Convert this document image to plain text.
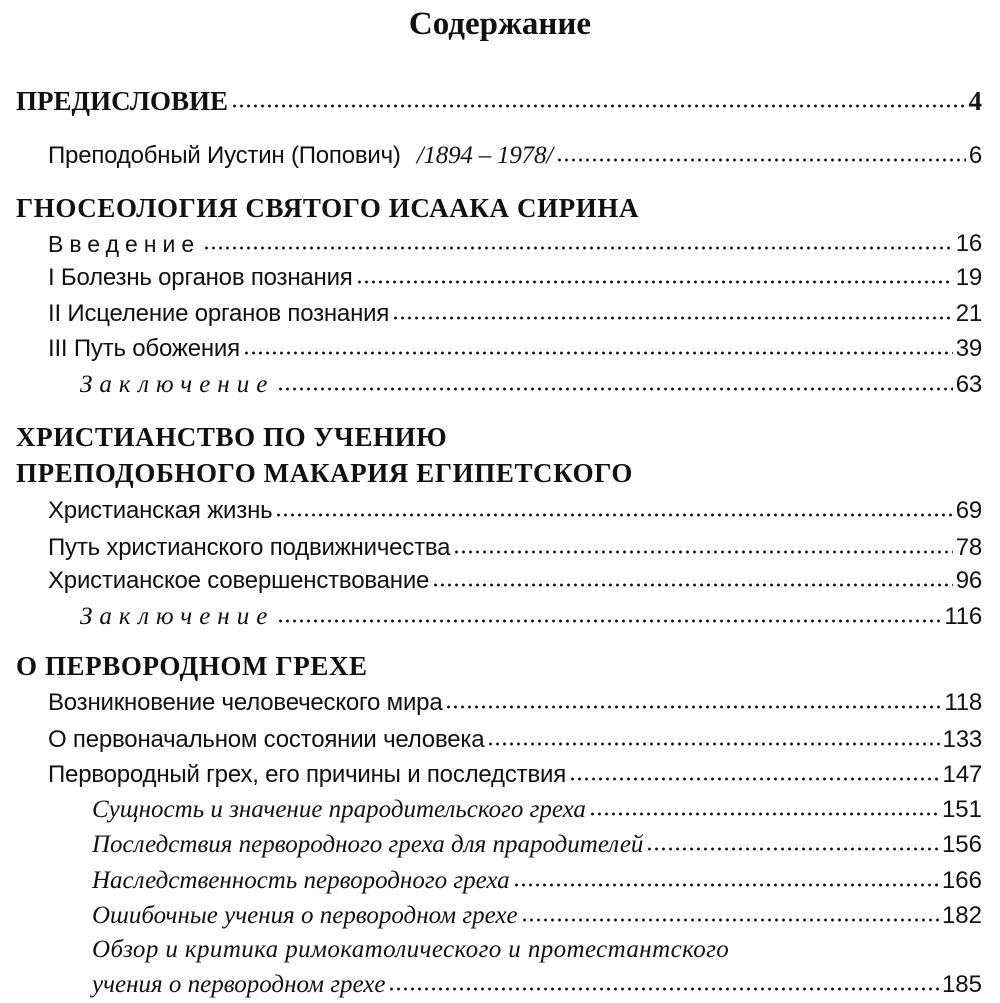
Содержание
ПРЕДИСЛОВИЕ	4
Преподобный Иустин (Попович) /1894 – 1978/	6
ГНОСЕОЛОГИЯ СВЯТОГО ИСААКА СИРИНА
Введение	16
I Болезнь органов познания	19
II Исцеление органов познания	21
III Путь обожения	39
Заключение	63
ХРИСТИАНСТВО ПО УЧЕНИЮ
ПРЕПОДОБНОГО МАКАРИЯ ЕГИПЕТСКОГО
Христианская жизнь	69
Путь христианского подвижничества	78
Христианское совершенствование	96
Заключение	116
О ПЕРВОРОДНОМ ГРЕХЕ
Возникновение человеческого мира	118
О первоначальном состоянии человека	133
Первородный грех, его причины и последствия	147
Сущность и значение прародительского греха	151
Последствия первородного греха для прародителей	156
Наследственность первородного греха	166
Ошибочные учения о первородном грехе	182
Обзор и критика римокатолического и протестантского
учения о первородном грехе	185
